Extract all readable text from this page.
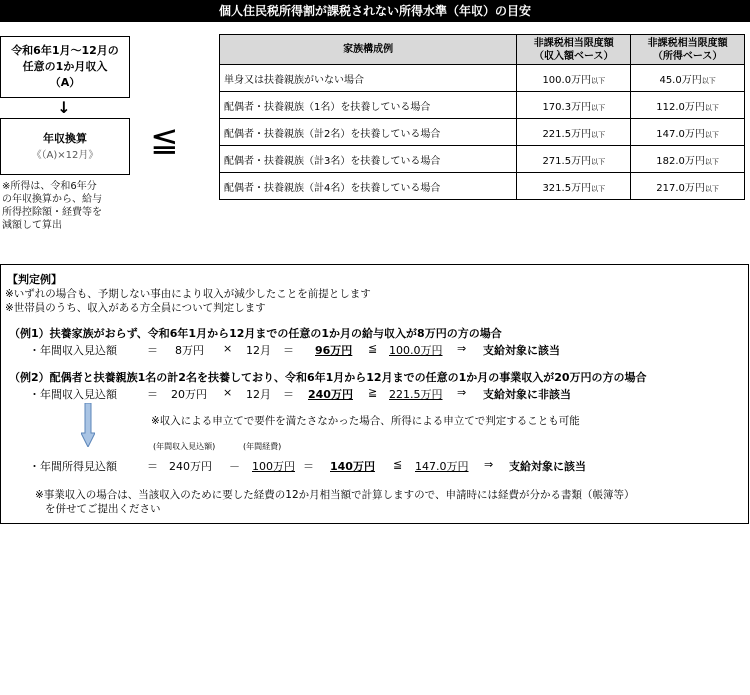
個人住民税所得割が課税されない所得水準（年収）の目安
令和6年1月～12月の
任意の1か月収入
（A）
↓
年収換算
《（A)×12月》
※所得は、令和6年分
の年収換算から、給与
所得控除額・経費等を
減額して算出
≦
家族構成例	非課税相当限度額
（収入額ベース）	非課税相当限度額
（所得ベース）
単身又は扶養親族がいない場合	100.0万円以下	45.0万円以下
配偶者・扶養親族（1名）を扶養している場合	170.3万円以下	112.0万円以下
配偶者・扶養親族（計2名）を扶養している場合	221.5万円以下	147.0万円以下
配偶者・扶養親族（計3名）を扶養している場合	271.5万円以下	182.0万円以下
配偶者・扶養親族（計4名）を扶養している場合	321.5万円以下	217.0万円以下
【判定例】
※いずれの場合も、予期しない事由により収入が減少したことを前提とします
※世帯員のうち、収入がある方全員について判定します
（例1）扶養家族がおらず、令和6年1月から12月までの任意の1か月の給与収入が8万円の方の場合
・年間収入見込額	＝ 8万円 × 12月 ＝ 96万円 ≦ 100.0万円 ⇒ 支給対象に該当
（例2）配偶者と扶養親族1名の計2名を扶養しており、令和6年1月から12月までの任意の1か月の事業収入が20万円の方の場合
・年間収入見込額	＝ 20万円 × 12月 ＝ 240万円 ≧ 221.5万円 ⇒ 支給対象に非該当
※収入による申立てで要件を満たさなかった場合、所得による申立てで判定することも可能
(年間収入見込額)	(年間経費)
・年間所得見込額	＝ 240万円 － 100万円 ＝ 140万円 ≦ 147.0万円 ⇒ 支給対象に該当
※事業収入の場合は、当該収入のために要した経費の12か月相当額で計算しますので、申請時には経費が分かる書類（帳簿等）
を併せてご提出ください
